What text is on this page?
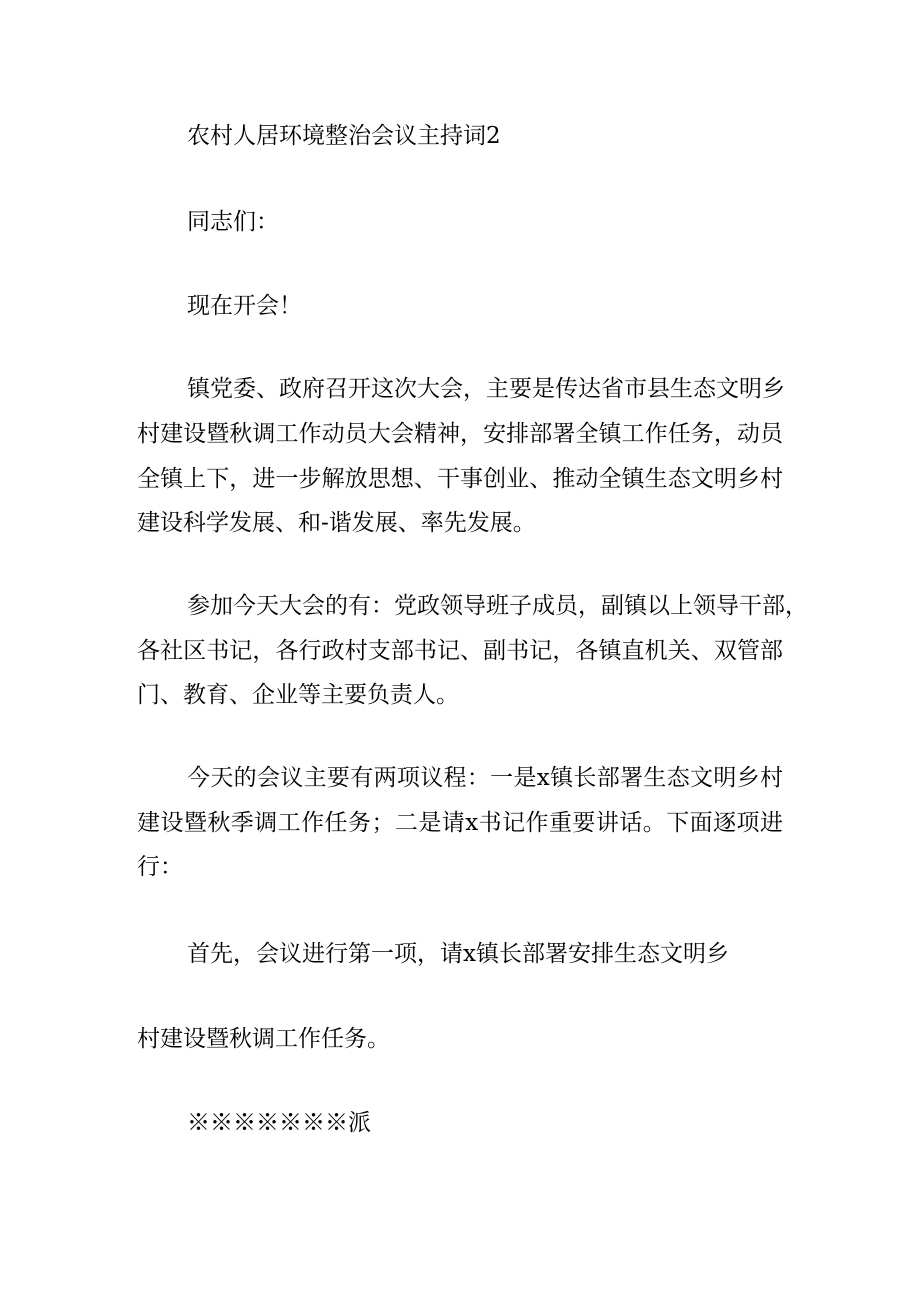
农村人居环境整治会议主持词2
同志们：
现在开会！
镇党委、政府召开这次大会，主要是传达省市县生态文明乡
村建设暨秋调工作动员大会精神，安排部署全镇工作任务，动员
全镇上下，进一步解放思想、干事创业、推动全镇生态文明乡村
建设科学发展、和-谐发展、率先发展。
参加今天大会的有：党政领导班子成员，副镇以上领导干部，
各社区书记，各行政村支部书记、副书记，各镇直机关、双管部
门、教育、企业等主要负责人。
今天的会议主要有两项议程：一是x镇长部署生态文明乡村
建设暨秋季调工作任务；二是请x书记作重要讲话。下面逐项进
行：
首先，会议进行第一项，请x镇长部署安排生态文明乡
村建设暨秋调工作任务。
※※※※※※※派
